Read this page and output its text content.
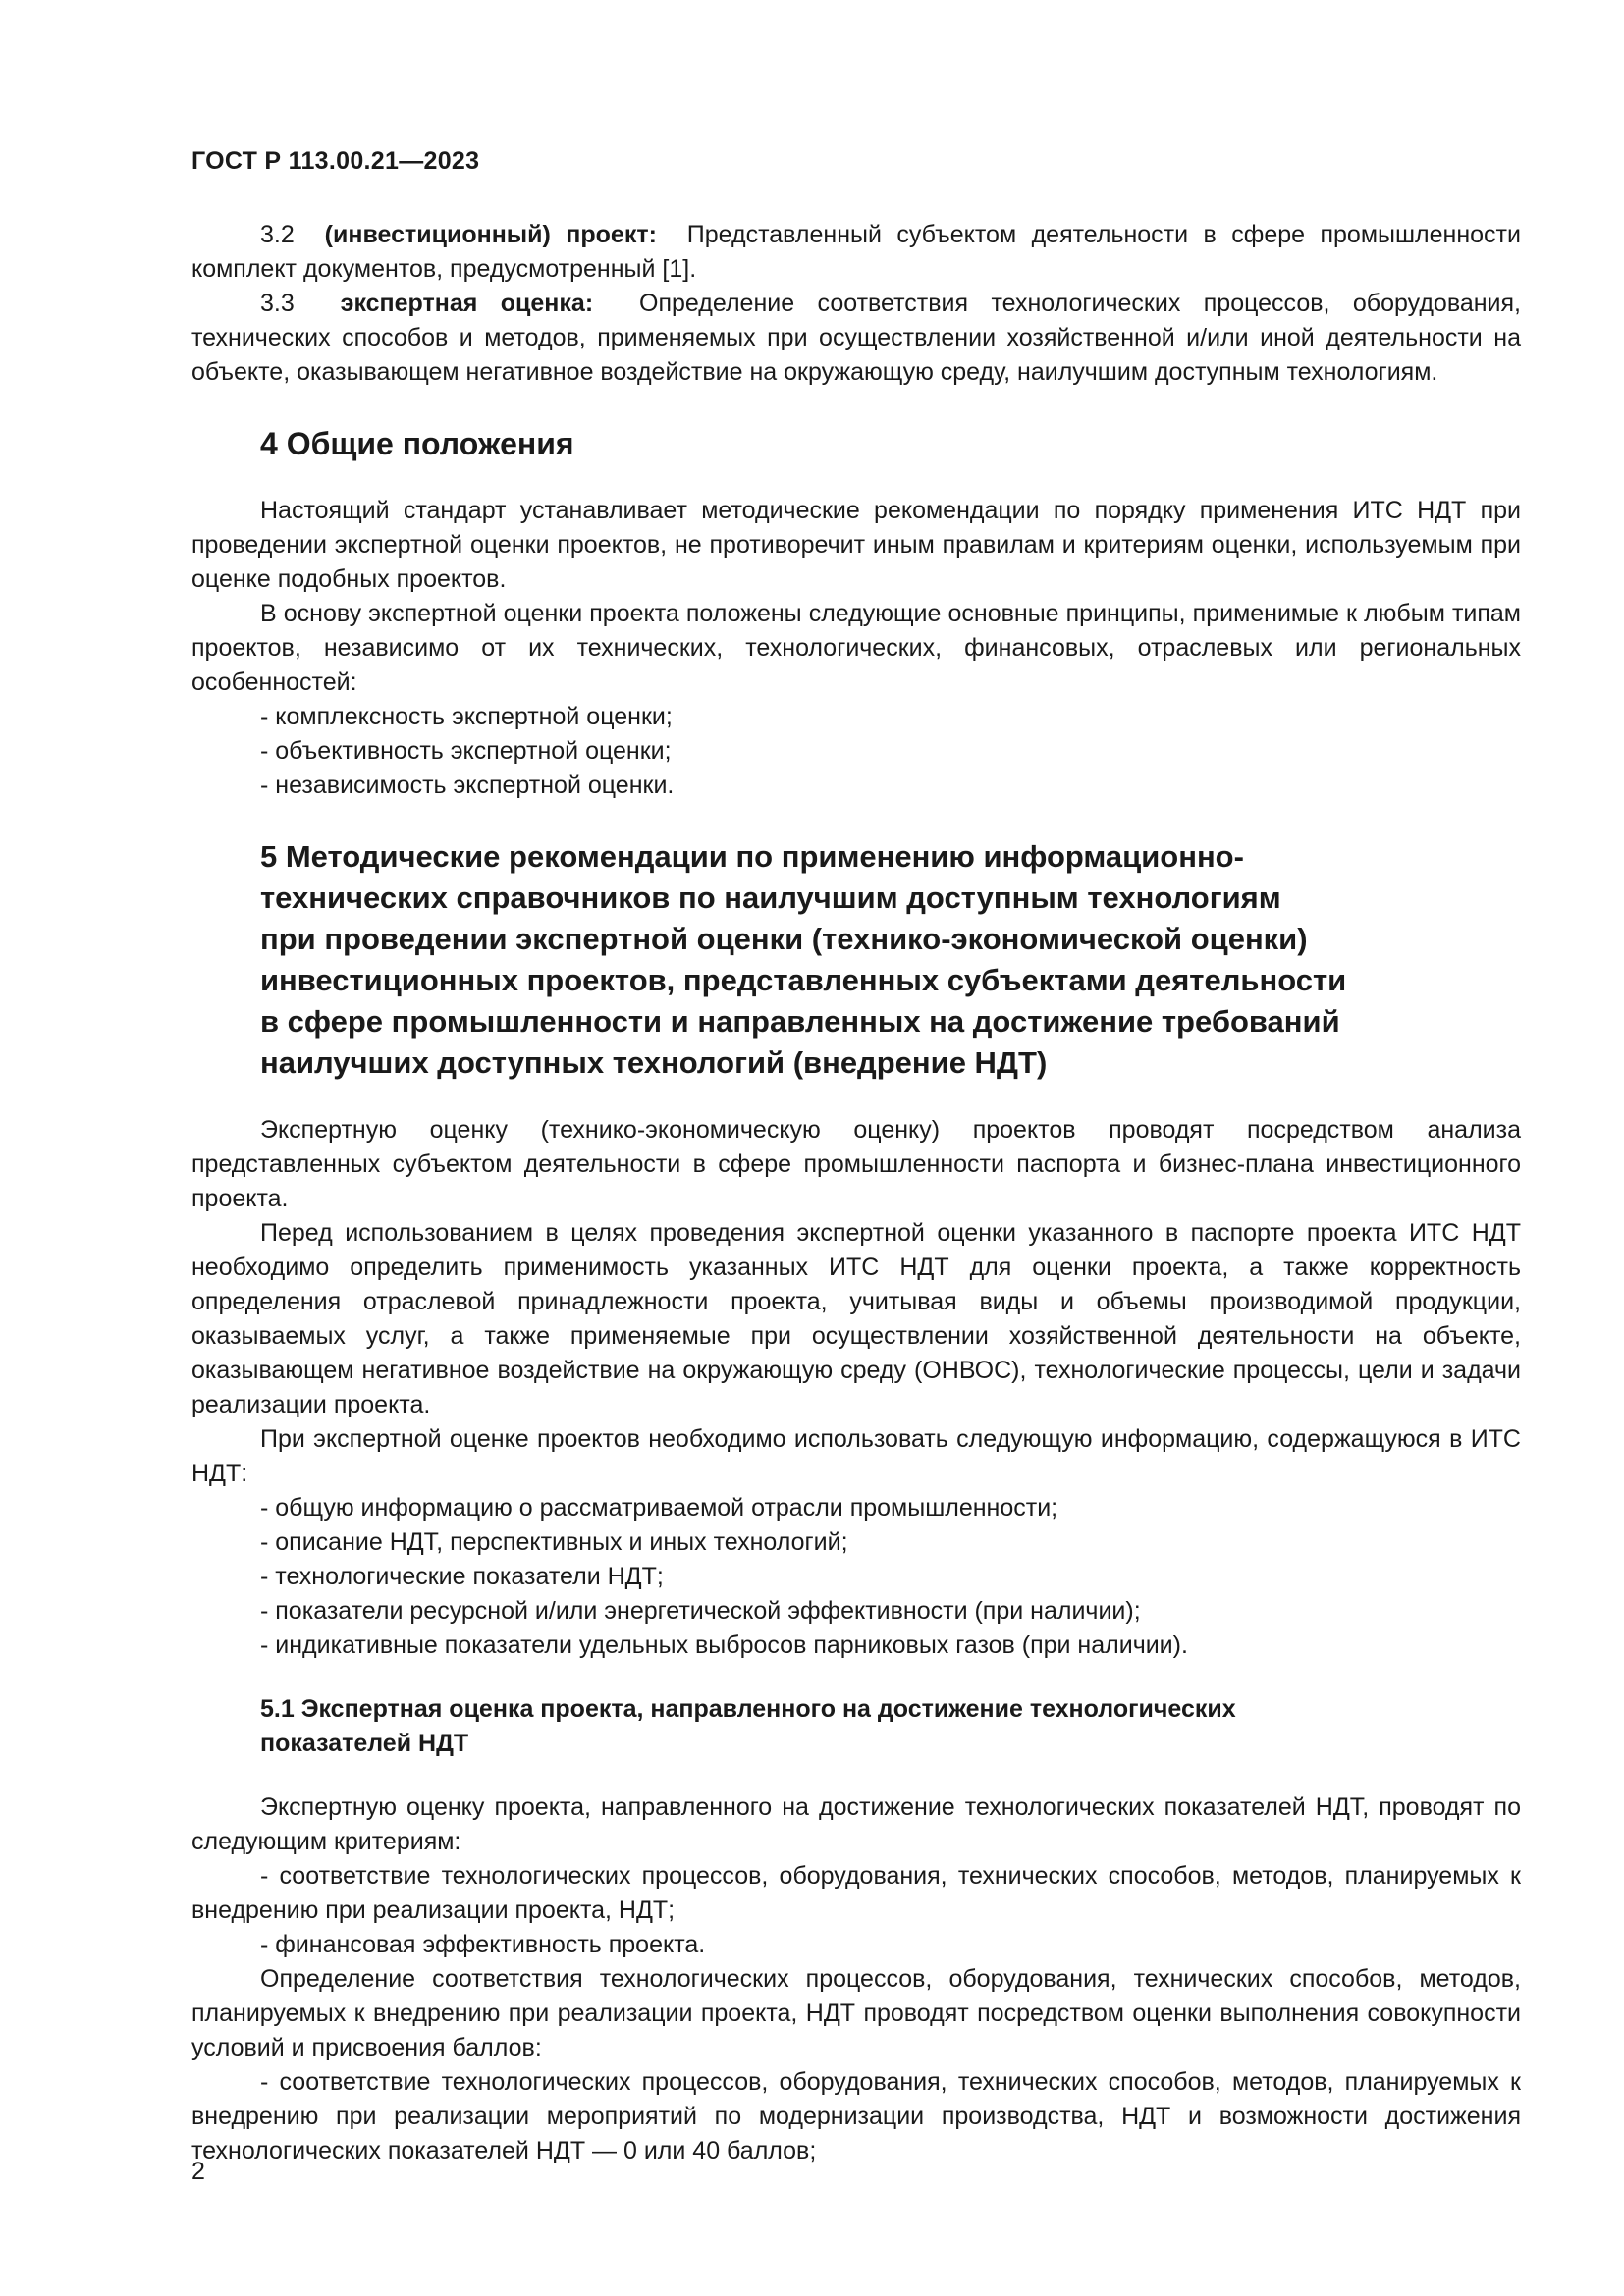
ГОСТ Р 113.00.21—2023

3.2 (инвестиционный) проект: Представленный субъектом деятельности в сфере промышленности комплект документов, предусмотренный [1].

3.3 экспертная оценка: Определение соответствия технологических процессов, оборудования, технических способов и методов, применяемых при осуществлении хозяйственной и/или иной деятельности на объекте, оказывающем негативное воздействие на окружающую среду, наилучшим доступным технологиям.

4 Общие положения

Настоящий стандарт устанавливает методические рекомендации по порядку применения ИТС НДТ при проведении экспертной оценки проектов, не противоречит иным правилам и критериям оценки, используемым при оценке подобных проектов.

В основу экспертной оценки проекта положены следующие основные принципы, применимые к любым типам проектов, независимо от их технических, технологических, финансовых, отраслевых или региональных особенностей:

- комплексность экспертной оценки;
- объективность экспертной оценки;
- независимость экспертной оценки.
5 Методические рекомендации по применению информационно-
технических справочников по наилучшим доступным технологиям
при проведении экспертной оценки (технико-экономической оценки)
инвестиционных проектов, представленных субъектами деятельности
в сфере промышленности и направленных на достижение требований
наилучших доступных технологий (внедрение НДТ)

Экспертную оценку (технико-экономическую оценку) проектов проводят посредством анализа представленных субъектом деятельности в сфере промышленности паспорта и бизнес-плана инвестиционного проекта.

Перед использованием в целях проведения экспертной оценки указанного в паспорте проекта ИТС НДТ необходимо определить применимость указанных ИТС НДТ для оценки проекта, а также корректность определения отраслевой принадлежности проекта, учитывая виды и объемы производимой продукции, оказываемых услуг, а также применяемые при осуществлении хозяйственной деятельности на объекте, оказывающем негативное воздействие на окружающую среду (ОНВОС), технологические процессы, цели и задачи реализации проекта.

При экспертной оценке проектов необходимо использовать следующую информацию, содержащуюся в ИТС НДТ:

- общую информацию о рассматриваемой отрасли промышленности;
- описание НДТ, перспективных и иных технологий;
- технологические показатели НДТ;
- показатели ресурсной и/или энергетической эффективности (при наличии);
- индикативные показатели удельных выбросов парниковых газов (при наличии).
5.1 Экспертная оценка проекта, направленного на достижение технологических
показателей НДТ

Экспертную оценку проекта, направленного на достижение технологических показателей НДТ, проводят по следующим критериям:

- соответствие технологических процессов, оборудования, технических способов, методов, планируемых к внедрению при реализации проекта, НДТ;

- финансовая эффективность проекта.

Определение соответствия технологических процессов, оборудования, технических способов, методов, планируемых к внедрению при реализации проекта, НДТ проводят посредством оценки выполнения совокупности условий и присвоения баллов:

- соответствие технологических процессов, оборудования, технических способов, методов, планируемых к внедрению при реализации мероприятий по модернизации производства, НДТ и возможности достижения технологических показателей НДТ — 0 или 40 баллов;

2
